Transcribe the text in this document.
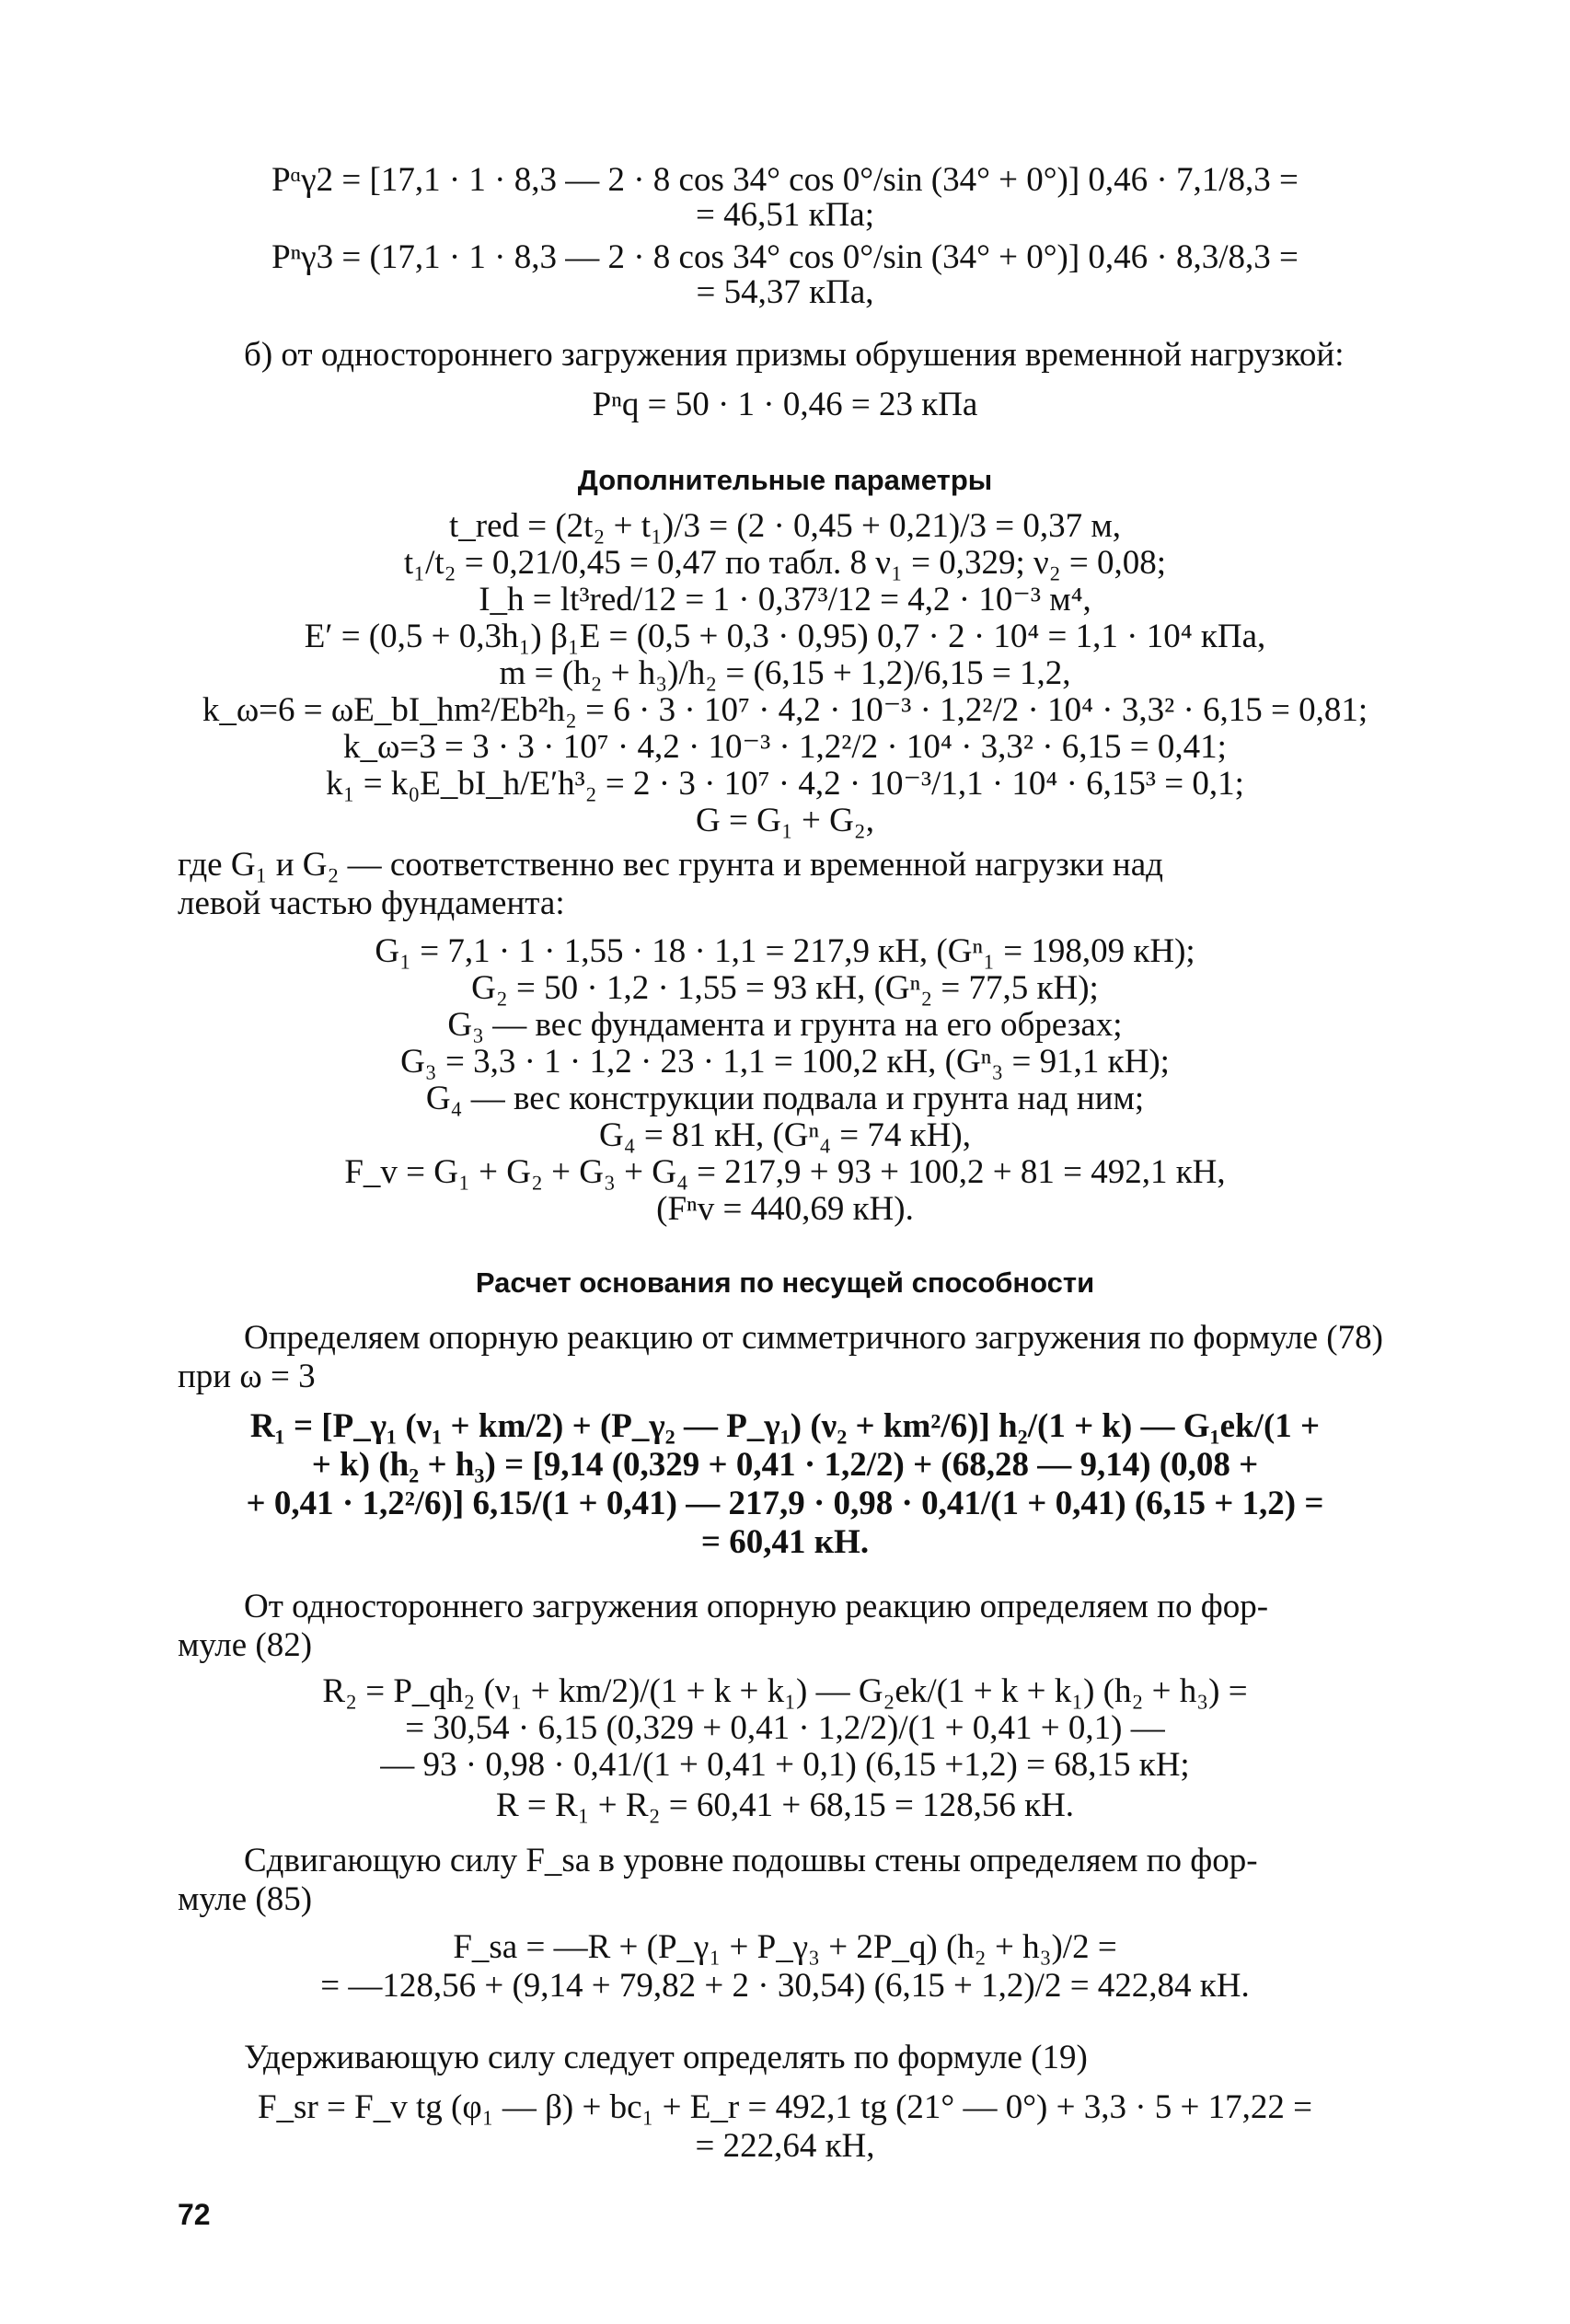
Pᵅγ2 = [17,1 · 1 · 8,3 — 2 · 8 cos 34° cos 0°/sin (34° + 0°)] 0,46 · 7,1/8,3 =
= 46,51 кПа;
Pⁿγ3 = (17,1 · 1 · 8,3 — 2 · 8 cos 34° cos 0°/sin (34° + 0°)] 0,46 · 8,3/8,3 =
= 54,37 кПа,
б) от одностороннего загружения призмы обрушения временной нагрузкой:
Pⁿq = 50 · 1 · 0,46 = 23 кПа
Дополнительные параметры
t_red = (2t₂ + t₁)/3 = (2 · 0,45 + 0,21)/3 = 0,37 м,
t₁/t₂ = 0,21/0,45 = 0,47 по табл. 8 ν₁ = 0,329; ν₂ = 0,08;
I_h = lt³red/12 = 1 · 0,37³/12 = 4,2 · 10⁻³ м⁴,
E′ = (0,5 + 0,3h₁) β₁E = (0,5 + 0,3 · 0,95) 0,7 · 2 · 10⁴ = 1,1 · 10⁴ кПа,
m = (h₂ + h₃)/h₂ = (6,15 + 1,2)/6,15 = 1,2,
k_ω=6 = ωE_bI_hm²/Eb²h₂ = 6 · 3 · 10⁷ · 4,2 · 10⁻³ · 1,2²/2 · 10⁴ · 3,3² · 6,15 = 0,81;
k_ω=3 = 3 · 3 · 10⁷ · 4,2 · 10⁻³ · 1,2²/2 · 10⁴ · 3,3² · 6,15 = 0,41;
k₁ = k₀E_bI_h/E′h³₂ = 2 · 3 · 10⁷ · 4,2 · 10⁻³/1,1 · 10⁴ · 6,15³ = 0,1;
G = G₁ + G₂,
где G₁ и G₂ — соответственно вес грунта и временной нагрузки над
левой частью фундамента:
G₁ = 7,1 · 1 · 1,55 · 18 · 1,1 = 217,9 кН, (Gⁿ₁ = 198,09 кН);
G₂ = 50 · 1,2 · 1,55 = 93 кН, (Gⁿ₂ = 77,5 кН);
G₃ — вес фундамента и грунта на его обрезах;
G₃ = 3,3 · 1 · 1,2 · 23 · 1,1 = 100,2 кН, (Gⁿ₃ = 91,1 кН);
G₄ — вес конструкции подвала и грунта над ним;
G₄ = 81 кН, (Gⁿ₄ = 74 кН),
F_v = G₁ + G₂ + G₃ + G₄ = 217,9 + 93 + 100,2 + 81 = 492,1 кН,
(Fⁿv = 440,69 кН).
Расчет основания по несущей способности
Определяем опорную реакцию от симметричного загружения по формуле (78)
при ω = 3
R₁ = [P_γ₁ (ν₁ + km/2) + (P_γ₂ — P_γ₁) (ν₂ + km²/6)] h₂/(1 + k) — G₁ek/(1 +
+ k) (h₂ + h₃) = [9,14 (0,329 + 0,41 · 1,2/2) + (68,28 — 9,14) (0,08 +
+ 0,41 · 1,2²/6)] 6,15/(1 + 0,41) — 217,9 · 0,98 · 0,41/(1 + 0,41) (6,15 + 1,2) =
= 60,41 кН.
От одностороннего загружения опорную реакцию определяем по фор-
муле (82)
R₂ = P_qh₂ (ν₁ + km/2)/(1 + k + k₁) — G₂ek/(1 + k + k₁) (h₂ + h₃) =
= 30,54 · 6,15 (0,329 + 0,41 · 1,2/2)/(1 + 0,41 + 0,1) —
— 93 · 0,98 · 0,41/(1 + 0,41 + 0,1) (6,15 +1,2) = 68,15 кН;
R = R₁ + R₂ = 60,41 + 68,15 = 128,56 кН.
Сдвигающую силу F_sa в уровне подошвы стены определяем по фор-
муле (85)
F_sa = —R + (P_γ₁ + P_γ₃ + 2P_q) (h₂ + h₃)/2 =
= —128,56 + (9,14 + 79,82 + 2 · 30,54) (6,15 + 1,2)/2 = 422,84 кН.
Удерживающую силу следует определять по формуле (19)
F_sr = F_v tg (φ₁ — β) + bc₁ + E_r = 492,1 tg (21° — 0°) + 3,3 · 5 + 17,22 =
= 222,64 кН,
72
